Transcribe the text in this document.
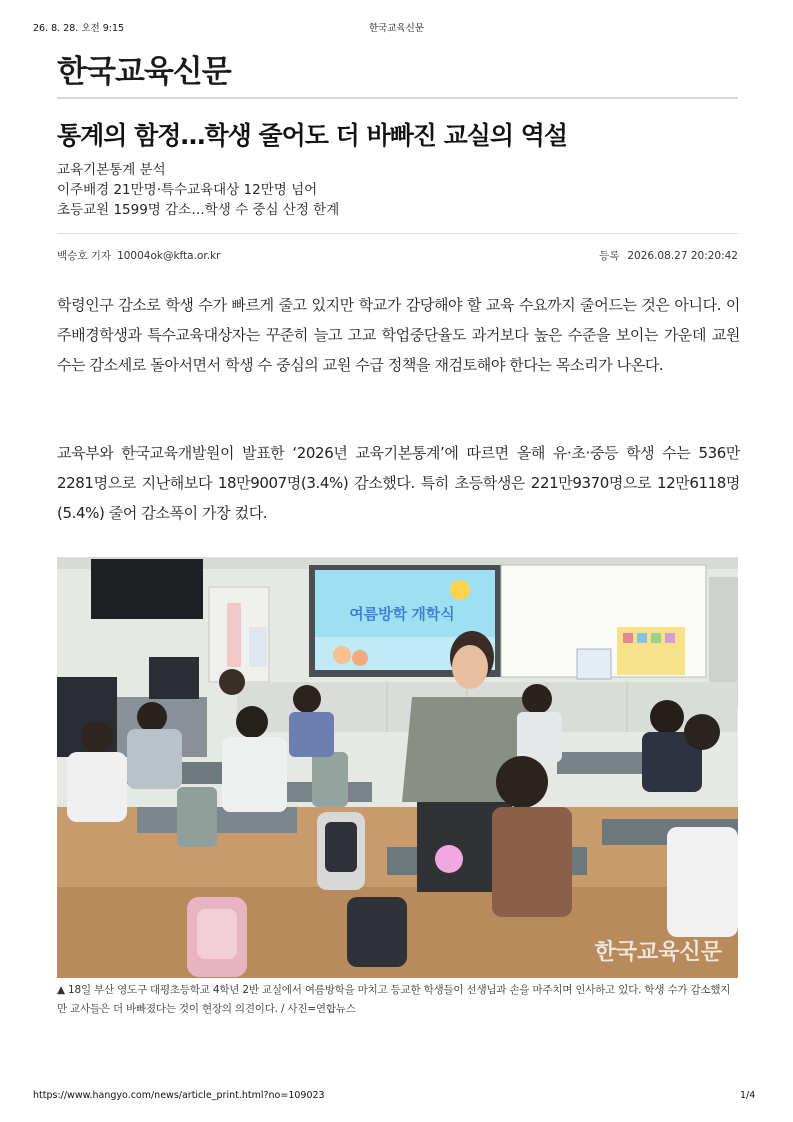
26. 8. 28. 오전 9:15	한국교육신문
한국교육신문
통계의 함정…학생 줄어도 더 바빠진 교실의 역설
교육기본통계 분석
이주배경 21만명·특수교육대상 12만명 넘어
초등교원 1599명 감소…학생 수 중심 산정 한계
백승호 기자 10004ok@kfta.or.kr	등록 2026.08.27 20:20:42

학령인구 감소로 학생 수가 빠르게 줄고 있지만 학교가 감당해야 할 교육 수요까지 줄어드는 것은 아니다. 이주배경학생과 특수교육대상자는 꾸준히 늘고 고교 학업중단율도 과거보다 높은 수준을 보이는 가운데 교원 수는 감소세로 돌아서면서 학생 수 중심의 교원 수급 정책을 재검토해야 한다는 목소리가 나온다.

교육부와 한국교육개발원이 발표한 ‘2026년 교육기본통계’에 따르면 올해 유·초·중등 학생 수는 536만2281명으로 지난해보다 18만9007명(3.4%) 감소했다. 특히 초등학생은 221만9370명으로 12만6118명(5.4%) 줄어 감소폭이 가장 컸다.

여름방학 개학식
한국교육신문
▲ 18일 부산 영도구 대평초등학교 4학년 2반 교실에서 여름방학을 마치고 등교한 학생들이 선생님과 손을 마주치며 인사하고 있다. 학생 수가 감소했지만 교사들은 더 바빠졌다는 것이 현장의 의견이다. / 사진=연합뉴스
https://www.hangyo.com/news/article_print.html?no=109023	1/4
